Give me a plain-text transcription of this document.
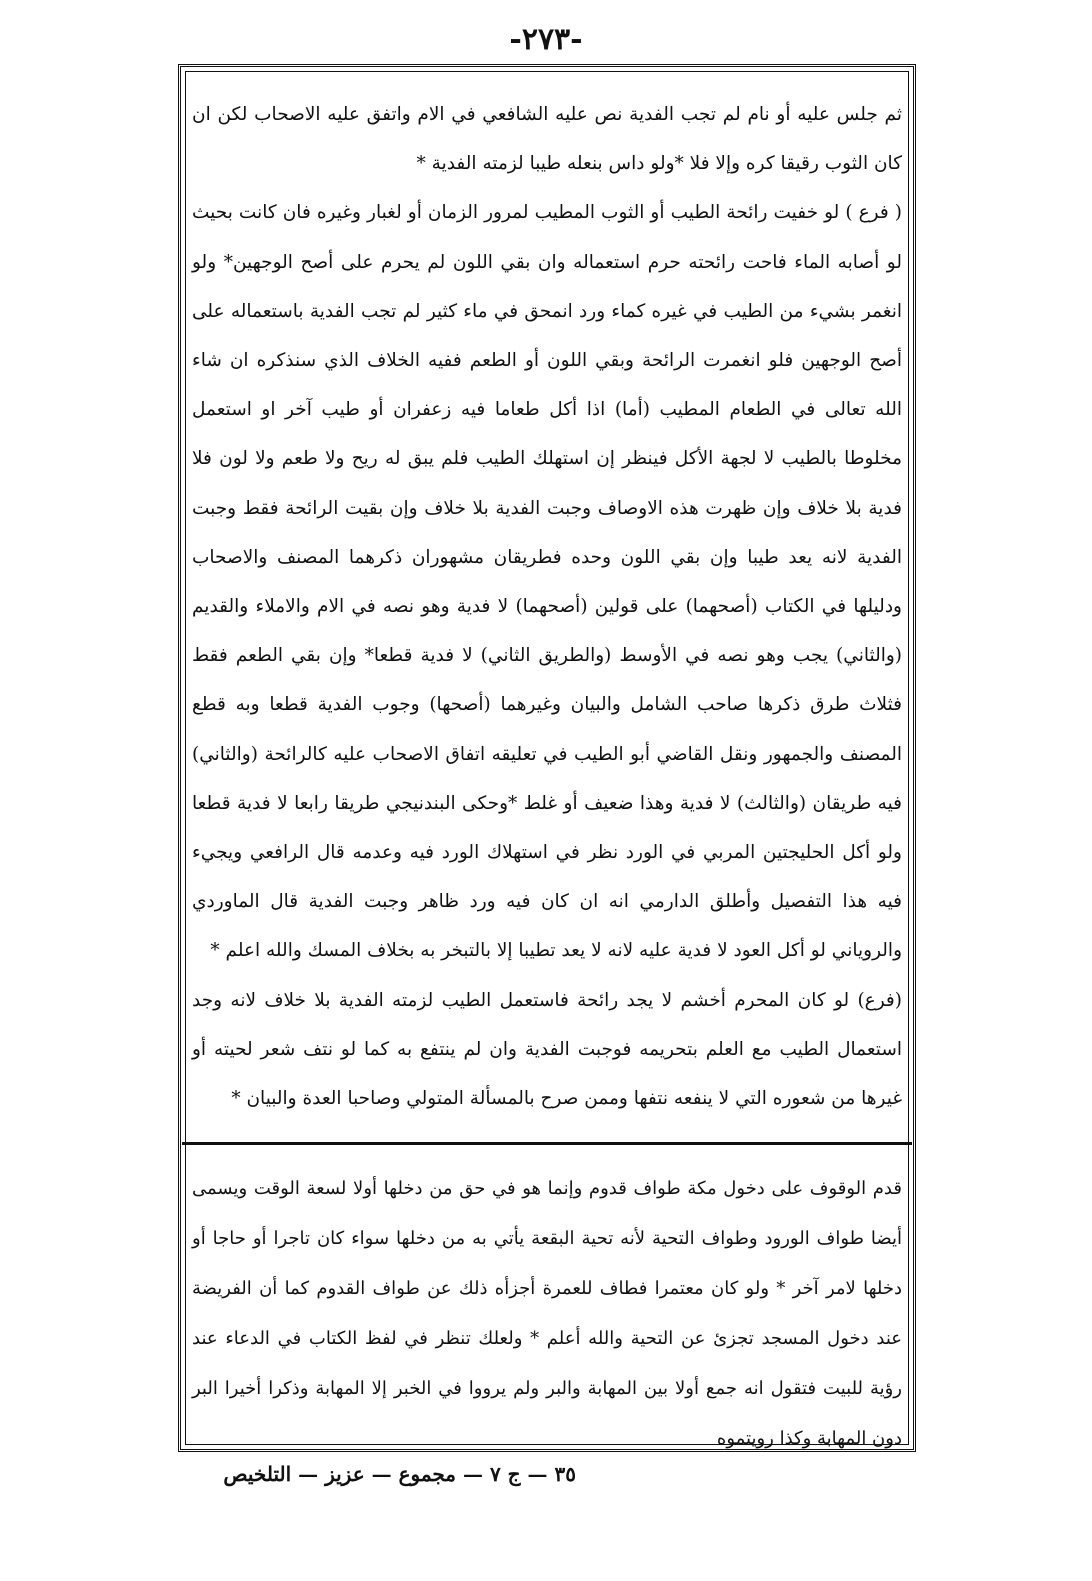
-٢٧٣-

ثم جلس عليه أو نام لم تجب الفدية نص عليه الشافعي في الام واتفق عليه الاصحاب لكن ان كان الثوب رقيقا كره وإلا فلا *ولو داس بنعله طيبا لزمته الفدية *

( فرع ) لو خفيت رائحة الطيب أو الثوب المطيب لمرور الزمان أو لغبار وغيره فان كانت بحيث لو أصابه الماء فاحت رائحته حرم استعماله وان بقي اللون لم يحرم على أصح الوجهين* ولو انغمر بشيء من الطيب في غيره كماء ورد انمحق في ماء كثير لم تجب الفدية باستعماله على أصح الوجهين فلو انغمرت الرائحة وبقي اللون أو الطعم ففيه الخلاف الذي سنذكره ان شاء الله تعالى في الطعام المطيب (أما) اذا أكل طعاما فيه زعفران أو طيب آخر او استعمل مخلوطا بالطيب لا لجهة الأكل فينظر إن استهلك الطيب فلم يبق له ريح ولا طعم ولا لون فلا فدية بلا خلاف وإن ظهرت هذه الاوصاف وجبت الفدية بلا خلاف وإن بقيت الرائحة فقط وجبت الفدية لانه يعد طيبا وإن بقي اللون وحده فطريقان مشهوران ذكرهما المصنف والاصحاب ودليلها في الكتاب (أصحهما) على قولين (أصحهما) لا فدية وهو نصه في الام والاملاء والقديم (والثاني) يجب وهو نصه في الأوسط (والطريق الثاني) لا فدية قطعا* وإن بقي الطعم فقط فثلاث طرق ذكرها صاحب الشامل والبيان وغيرهما (أصحها) وجوب الفدية قطعا وبه قطع المصنف والجمهور ونقل القاضي أبو الطيب في تعليقه اتفاق الاصحاب عليه كالرائحة (والثاني) فيه طريقان (والثالث) لا فدية وهذا ضعيف أو غلط *وحكى البندنيجي طريقا رابعا لا فدية قطعا ولو أكل الحليجتين المربي في الورد نظر في استهلاك الورد فيه وعدمه قال الرافعي ويجيء فيه هذا التفصيل وأطلق الدارمي انه ان كان فيه ورد ظاهر وجبت الفدية قال الماوردي والروياني لو أكل العود لا فدية عليه لانه لا يعد تطيبا إلا بالتبخر به بخلاف المسك والله اعلم *

(فرع) لو كان المحرم أخشم لا يجد رائحة فاستعمل الطيب لزمته الفدية بلا خلاف لانه وجد استعمال الطيب مع العلم بتحريمه فوجبت الفدية وان لم ينتفع به كما لو نتف شعر لحيته أو غيرها من شعوره التي لا ينفعه نتفها وممن صرح بالمسألة المتولي وصاحبا العدة والبيان *

قدم الوقوف على دخول مكة طواف قدوم وإنما هو في حق من دخلها أولا لسعة الوقت ويسمى أيضا طواف الورود وطواف التحية لأنه تحية البقعة يأتي به من دخلها سواء كان تاجرا أو حاجا أو دخلها لامر آخر * ولو كان معتمرا فطاف للعمرة أجزأه ذلك عن طواف القدوم كما أن الفريضة عند دخول المسجد تجزئ عن التحية والله أعلم * ولعلك تنظر في لفظ الكتاب في الدعاء عند رؤية للبيت فتقول انه جمع أولا بين المهابة والبر ولم يرووا في الخبر إلا المهابة وذكرا أخيرا البر دون المهابة وكذا رويتموه

٣٥ — ج ٧ — مجموع — عزيز — التلخيص
